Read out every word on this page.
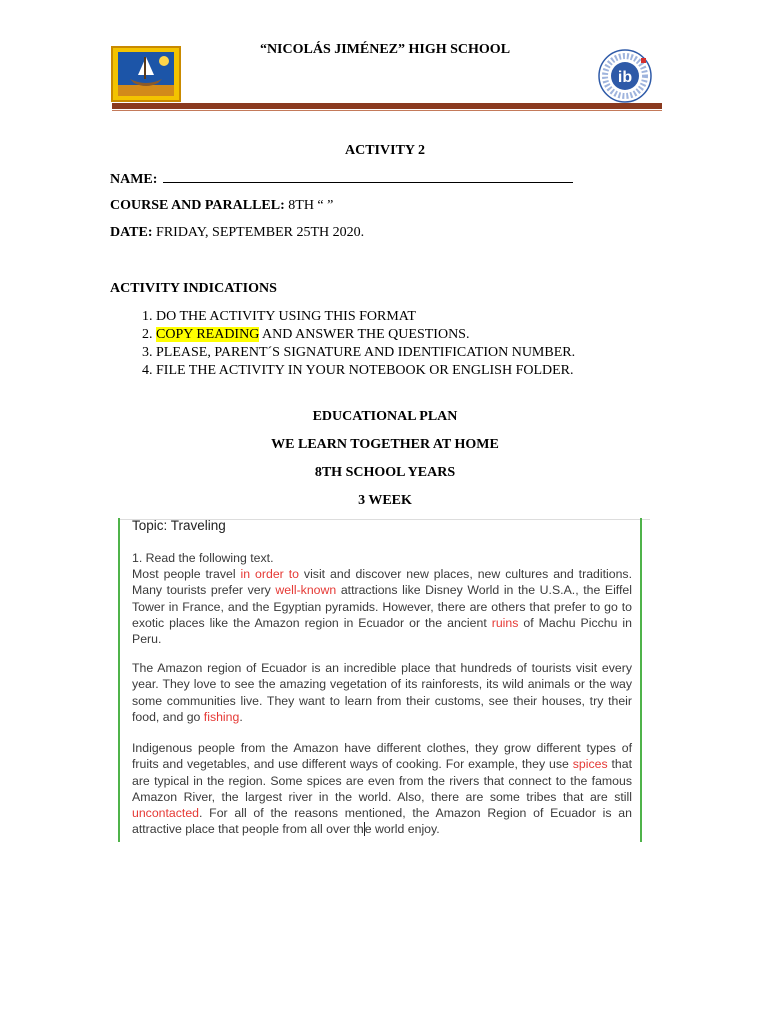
“NICOLÁS JIMÉNEZ” HIGH SCHOOL
ib
ACTIVITY 2
NAME:
COURSE AND PARALLEL: 8TH “ ”
DATE: FRIDAY, SEPTEMBER 25TH 2020.
ACTIVITY INDICATIONS
1. DO THE ACTIVITY USING THIS FORMAT
2. COPY READING AND ANSWER THE QUESTIONS.
3. PLEASE, PARENT´S SIGNATURE AND IDENTIFICATION NUMBER.
4. FILE THE ACTIVITY IN YOUR NOTEBOOK OR ENGLISH FOLDER.
EDUCATIONAL PLAN
WE LEARN TOGETHER AT HOME
8TH SCHOOL YEARS
3 WEEK
Topic: Traveling
1. Read the following text.

Most people travel in order to visit and discover new places, new cultures and traditions. Many tourists prefer very well-known attractions like Disney World in the U.S.A., the Eiffel Tower in France, and the Egyptian pyramids. However, there are others that prefer to go to exotic places like the Amazon region in Ecuador or the ancient ruins of Machu Picchu in Peru.

The Amazon region of Ecuador is an incredible place that hundreds of tourists visit every year. They love to see the amazing vegetation of its rainforests, its wild animals or the way some communities live. They want to learn from their customs, see their houses, try their food, and go fishing.

Indigenous people from the Amazon have different clothes, they grow different types of fruits and vegetables, and use different ways of cooking. For example, they use spices that are typical in the region. Some spices are even from the rivers that connect to the famous Amazon River, the largest river in the world. Also, there are some tribes that are still uncontacted. For all of the reasons mentioned, the Amazon Region of Ecuador is an attractive place that people from all over the world enjoy.
